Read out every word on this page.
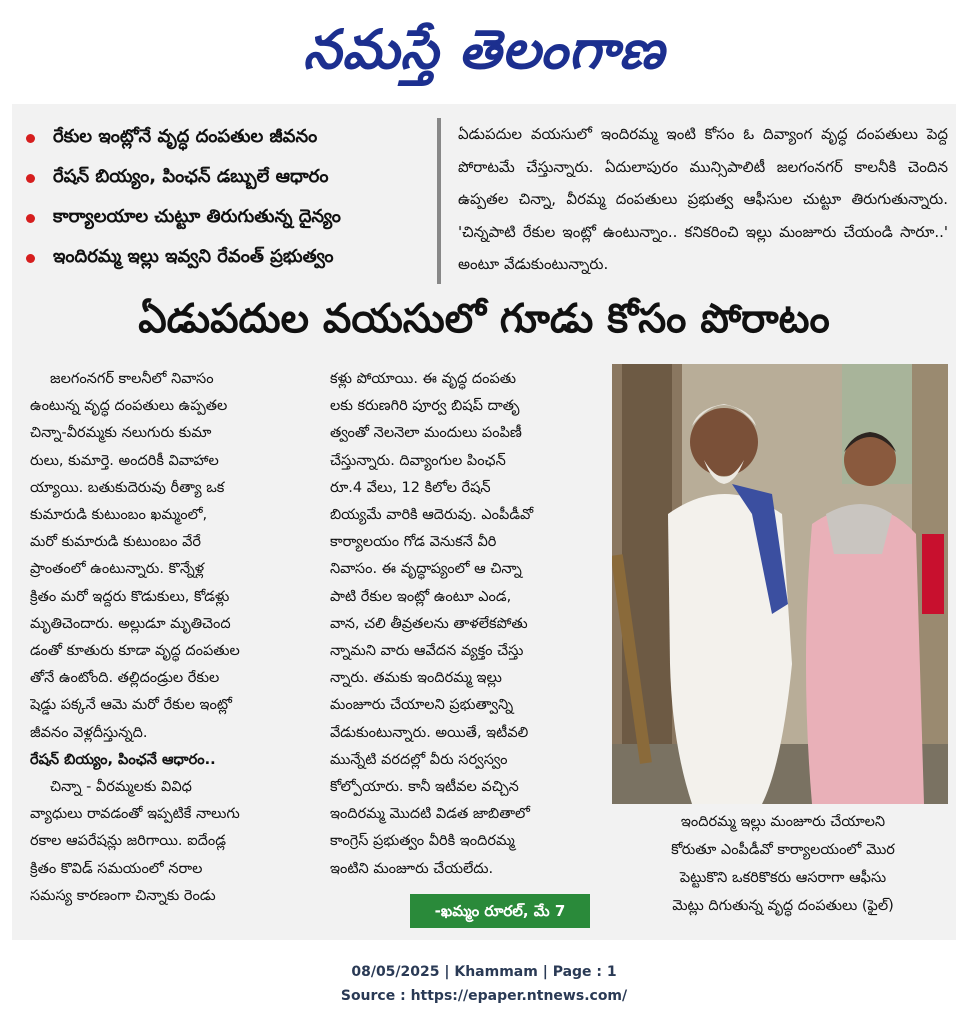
నమస్తే తెలంగాణ
రేకుల ఇంట్లోనే వృద్ధ దంపతుల జీవనం
రేషన్ బియ్యం, పింఛన్ డబ్బులే ఆధారం
కార్యాలయాల చుట్టూ తిరుగుతున్న దైన్యం
ఇందిరమ్మ ఇల్లు ఇవ్వని రేవంత్ ప్రభుత్వం
ఏడుపదుల వయసులో ఇందిరమ్మ ఇంటి కోసం ఓ దివ్యాంగ వృద్ధ దంపతులు పెద్ద పోరాటమే చేస్తున్నారు. ఏదులాపురం మున్సిపాలిటీ జలగంనగర్ కాలనీకి చెందిన ఉప్పతల చిన్నా, వీరమ్మ దంపతులు ప్రభుత్వ ఆఫీసుల చుట్టూ తిరుగుతున్నారు. 'చిన్నపాటి రేకుల ఇంట్లో ఉంటున్నాం.. కనికరించి ఇల్లు మంజూరు చేయండి సారూ..' అంటూ వేడుకుంటున్నారు.
ఏడుపదుల వయసులో గూడు కోసం పోరాటం
జలగంనగర్ కాలనీలో నివాసం
ఉంటున్న వృద్ధ దంపతులు ఉప్పతల
చిన్నా-వీరమ్మకు నలుగురు కుమా
రులు, కుమార్తె. అందరికీ వివాహాల
య్యాయి. బతుకుదెరువు రీత్యా ఒక
కుమారుడి కుటుంబం ఖమ్మంలో,
మరో కుమారుడి కుటుంబం వేరే
ప్రాంతంలో ఉంటున్నారు. కొన్నేళ్ల
క్రితం మరో ఇద్దరు కొడుకులు, కోడళ్లు
మృతిచెందారు. అల్లుడూ మృతిచెంద
డంతో కూతురు కూడా వృద్ధ దంపతుల
తోనే ఉంటోంది. తల్లిదండ్రుల రేకుల
షెడ్డు పక్కనే ఆమె మరో రేకుల ఇంట్లో
జీవనం వెళ్లదీస్తున్నది.
రేషన్ బియ్యం, పింఛనే ఆధారం..
చిన్నా - వీరమ్మలకు వివిధ
వ్యాధులు రావడంతో ఇప్పటికే నాలుగు
రకాల ఆపరేషన్లు జరిగాయి. ఐదేండ్ల
క్రితం కొవిడ్ సమయంలో నరాల
సమస్య కారణంగా చిన్నాకు రెండు
కళ్లు పోయాయి. ఈ వృద్ధ దంపతు
లకు కరుణగిరి పూర్వ బిషప్ దాతృ
త్వంతో నెలనెలా మందులు పంపిణీ
చేస్తున్నారు. దివ్యాంగుల పింఛన్
రూ.4 వేలు, 12 కిలోల రేషన్
బియ్యమే వారికి ఆదెరువు. ఎంపీడీవో
కార్యాలయం గోడ వెనుకనే వీరి
నివాసం. ఈ వృద్ధాప్యంలో ఆ చిన్నా
పాటి రేకుల ఇంట్లో ఉంటూ ఎండ,
వాన, చలి తీవ్రతలను తాళలేకపోతు
న్నామని వారు ఆవేదన వ్యక్తం చేస్తు
న్నారు. తమకు ఇందిరమ్మ ఇల్లు
మంజూరు చేయాలని ప్రభుత్వాన్ని
వేడుకుంటున్నారు. అయితే, ఇటీవలి
మున్నేటి వరదల్లో వీరు సర్వస్వం
కోల్పోయారు. కానీ ఇటీవల వచ్చిన
ఇందిరమ్మ మొదటి విడత జాబితాలో
కాంగ్రెస్ ప్రభుత్వం వీరికి ఇందిరమ్మ
ఇంటిని మంజూరు చేయలేదు.
-ఖమ్మం రూరల్, మే 7
ఇందిరమ్మ ఇల్లు మంజూరు చేయాలని
కోరుతూ ఎంపీడీవో కార్యాలయంలో మొర
పెట్టుకొని ఒకరికొకరు ఆసరాగా ఆఫీసు
మెట్లు దిగుతున్న వృద్ధ దంపతులు (ఫైల్)
08/05/2025 | Khammam | Page : 1
Source : https://epaper.ntnews.com/
